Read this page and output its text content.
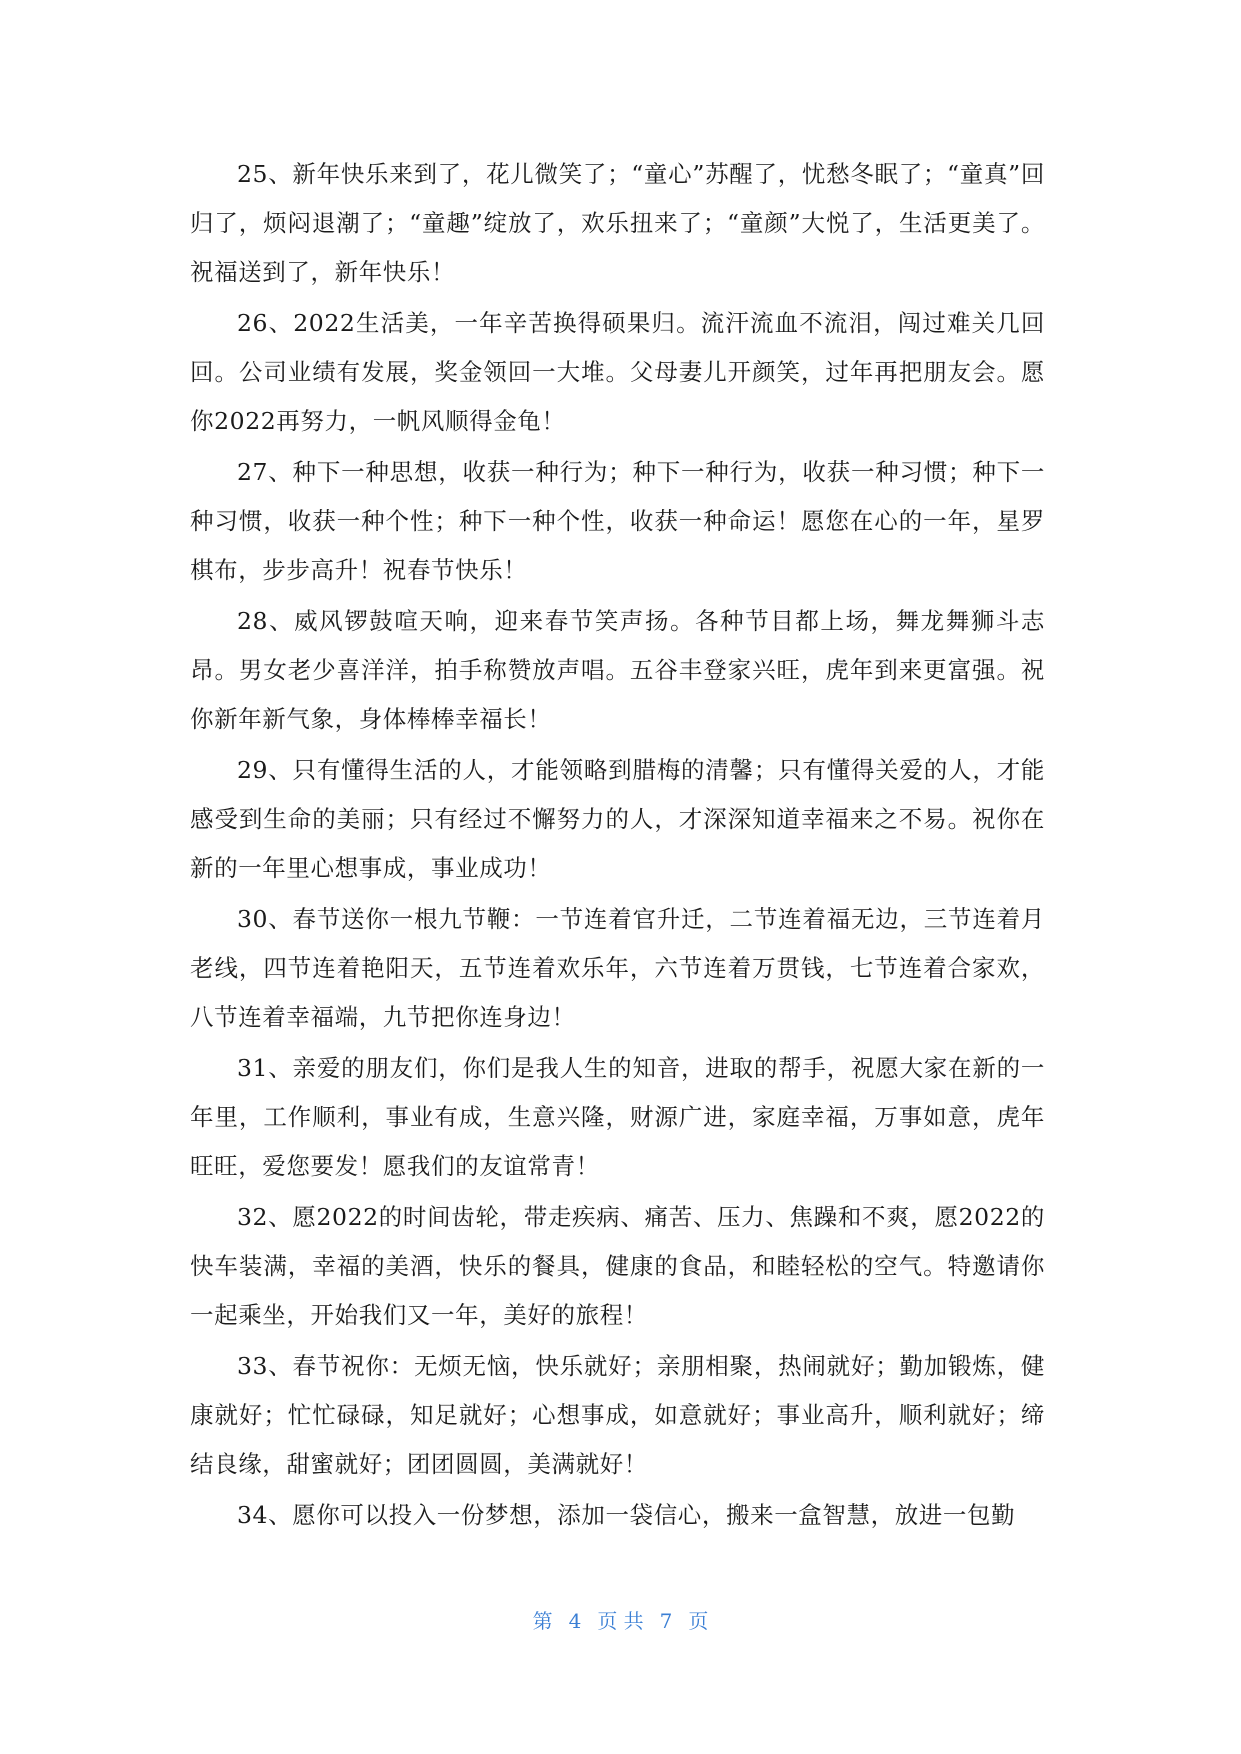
25、新年快乐来到了，花儿微笑了；“童心”苏醒了，忧愁冬眠了；“童真”回归了，烦闷退潮了；“童趣”绽放了，欢乐扭来了；“童颜”大悦了，生活更美了。祝福送到了，新年快乐！

26、2022生活美，一年辛苦换得硕果归。流汗流血不流泪，闯过难关几回回。公司业绩有发展，奖金领回一大堆。父母妻儿开颜笑，过年再把朋友会。愿你2022再努力，一帆风顺得金龟！

27、种下一种思想，收获一种行为；种下一种行为，收获一种习惯；种下一种习惯，收获一种个性；种下一种个性，收获一种命运！愿您在心的一年，星罗棋布，步步高升！祝春节快乐！

28、威风锣鼓喧天响，迎来春节笑声扬。各种节目都上场，舞龙舞狮斗志昂。男女老少喜洋洋，拍手称赞放声唱。五谷丰登家兴旺，虎年到来更富强。祝你新年新气象，身体棒棒幸福长！

29、只有懂得生活的人，才能领略到腊梅的清馨；只有懂得关爱的人，才能感受到生命的美丽；只有经过不懈努力的人，才深深知道幸福来之不易。祝你在新的一年里心想事成，事业成功！

30、春节送你一根九节鞭：一节连着官升迁，二节连着福无边，三节连着月老线，四节连着艳阳天，五节连着欢乐年，六节连着万贯钱，七节连着合家欢，八节连着幸福端，九节把你连身边！

31、亲爱的朋友们，你们是我人生的知音，进取的帮手，祝愿大家在新的一年里，工作顺利，事业有成，生意兴隆，财源广进，家庭幸福，万事如意，虎年旺旺，爱您要发！愿我们的友谊常青！

32、愿2022的时间齿轮，带走疾病、痛苦、压力、焦躁和不爽，愿2022的快车装满，幸福的美酒，快乐的餐具，健康的食品，和睦轻松的空气。特邀请你一起乘坐，开始我们又一年，美好的旅程！

33、春节祝你：无烦无恼，快乐就好；亲朋相聚，热闹就好；勤加锻炼，健康就好；忙忙碌碌，知足就好；心想事成，如意就好；事业高升，顺利就好；缔结良缘，甜蜜就好；团团圆圆，美满就好！

34、愿你可以投入一份梦想，添加一袋信心，搬来一盒智慧，放进一包勤

第 4 页 共 7 页
